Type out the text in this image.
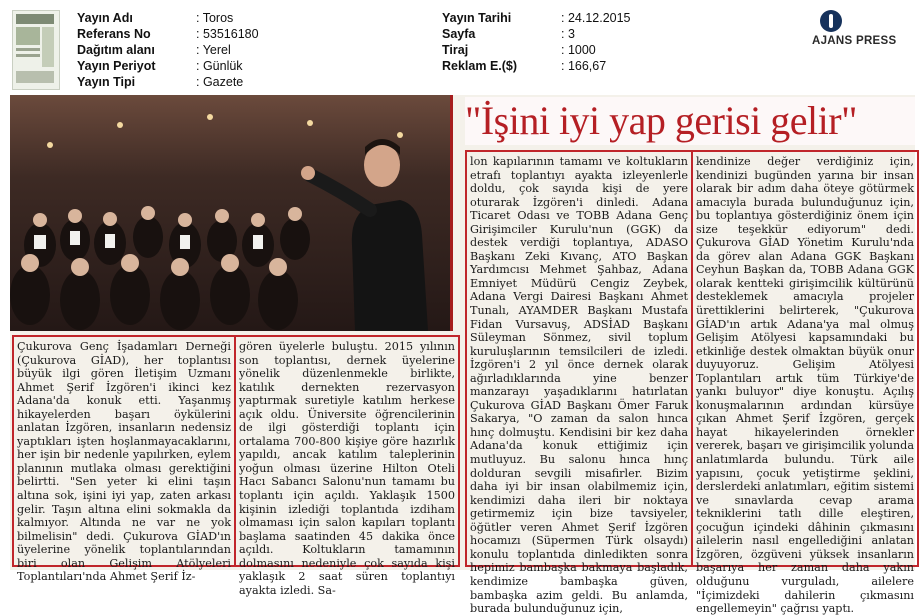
Yayın Adı	: Toros
Referans No	: 53516180
Dağıtım alanı	: Yerel
Yayın Periyot	: Günlük
Yayın Tipi	: Gazete
Yayın Tarihi	: 24.12.2015
Sayfa	: 3
Tiraj	: 1000
Reklam E.($)	: 166,67
AJANS PRESS
"İşini iyi yap gerisi gelir"
Çukurova Genç İşadamları Derneği (Çukurova GİAD), her toplantısı büyük ilgi gören İletişim Uzmanı Ahmet Şerif İzgören'i ikinci kez Adana'da konuk etti. Yaşanmış hikayelerden başarı öykülerini anlatan İzgören, insanların nedensiz yaptıkları işten hoşlanmayacaklarını, her işin bir nedenle yapılırken, eylem planının mutlaka olması gerektiğini belirtti. "Sen yeter ki elini taşın altına sok, işini iyi yap, zaten arkası gelir. Taşın altına elini sokmakla da kalmıyor. Altında ne var ne yok bilmelisin" dedi. Çukurova GİAD'ın üyelerine yönelik toplantılarından biri olan Gelişim Atölyeleri Toplantıları'nda Ahmet Şerif İz-
gören üyelerle buluştu. 2015 yılının son toplantısı, dernek üyelerine yönelik düzenlenmekle birlikte, katılık dernekten rezervasyon yaptırmak suretiyle katılım herkese açık oldu. Üniversite öğrencilerinin de ilgi gösterdiği toplantı için ortalama 700-800 kişiye göre hazırlık yapıldı, ancak katılım taleplerinin yoğun olması üzerine Hilton Oteli Hacı Sabancı Salonu'nun tamamı bu toplantı için açıldı. Yaklaşık 1500 kişinin izlediği toplantıda izdiham olmaması için salon kapıları toplantı başlama saatinden 45 dakika önce açıldı. Koltukların tamamının dolmasını nedeniyle çok sayıda kişi yaklaşık 2 saat süren toplantıyı ayakta izledi. Sa-
lon kapılarının tamamı ve koltukların etrafı toplantıyı ayakta izleyenlerle doldu, çok sayıda kişi de yere oturarak İzgören'i dinledi. Adana Ticaret Odası ve TOBB Adana Genç Girişimciler Kurulu'nun (GGK) da destek verdiği toplantıya, ADASO Başkanı Zeki Kıvanç, ATO Başkan Yardımcısı Mehmet Şahbaz, Adana Emniyet Müdürü Cengiz Zeybek, Adana Vergi Dairesi Başkanı Ahmet Tunalı, AYAMDER Başkanı Mustafa Fidan Vursavuş, ADSİAD Başkanı Süleyman Sönmez, sivil toplum kuruluşlarının temsilcileri de izledi. İzgören'i 2 yıl önce dernek olarak ağırladıklarında yine benzer manzarayı yaşadıklarını hatırlatan Çukurova GİAD Başkanı Ömer Faruk Sakarya, "O zaman da salon hınca hınç dolmuştu. Kendisini bir kez daha Adana'da konuk ettiğimiz için mutluyuz. Bu salonu hınca hınç dolduran sevgili misafirler. Bizim daha iyi bir insan olabilmemiz için, kendimizi daha ileri bir noktaya getirmemiz için bize tavsiyeler, öğütler veren Ahmet Şerif İzgören hocamızı (Süpermen Türk olsaydı) konulu toplantıda dinledikten sonra hepimiz bambaşka bakmaya başladık, kendimize bambaşka güven, bambaşka azim geldi. Bu anlamda, burada bulunduğunuz için,
kendinize değer verdiğiniz için, kendinizi bugünden yarına bir insan olarak bir adım daha öteye götürmek amacıyla burada bulunduğunuz için, bu toplantıya gösterdiğiniz önem için size teşekkür ediyorum" dedi. Çukurova GİAD Yönetim Kurulu'nda da görev alan Adana GGK Başkanı Ceyhun Başkan da, TOBB Adana GGK olarak kentteki girişimcilik kültürünü desteklemek amacıyla projeler ürettiklerini belirterek, "Çukurova GİAD'ın artık Adana'ya mal olmuş Gelişim Atölyesi kapsamındaki bu etkinliğe destek olmaktan büyük onur duyuyoruz. Gelişim Atölyesi Toplantıları artık tüm Türkiye'de yankı buluyor" diye konuştu. Açılış konuşmalarının ardından kürsüye çıkan Ahmet Şerif İzgören, gerçek hayat hikayelerinden örnekler vererek, başarı ve girişimcilik yolunda anlatımlarda bulundu. Türk aile yapısını, çocuk yetiştirme şeklini, derslerdeki anlatımları, eğitim sistemi ve sınavlarda cevap arama tekniklerini tatlı dille eleştiren, çocuğun içindeki dâhinin çıkmasını ailelerin nasıl engellediğini anlatan İzgören, özgüveni yüksek insanların başarıya her zaman daha yakın olduğunu vurguladı, ailelere "İçimizdeki dahilerin çıkmasını engellemeyin" çağrısı yaptı.
